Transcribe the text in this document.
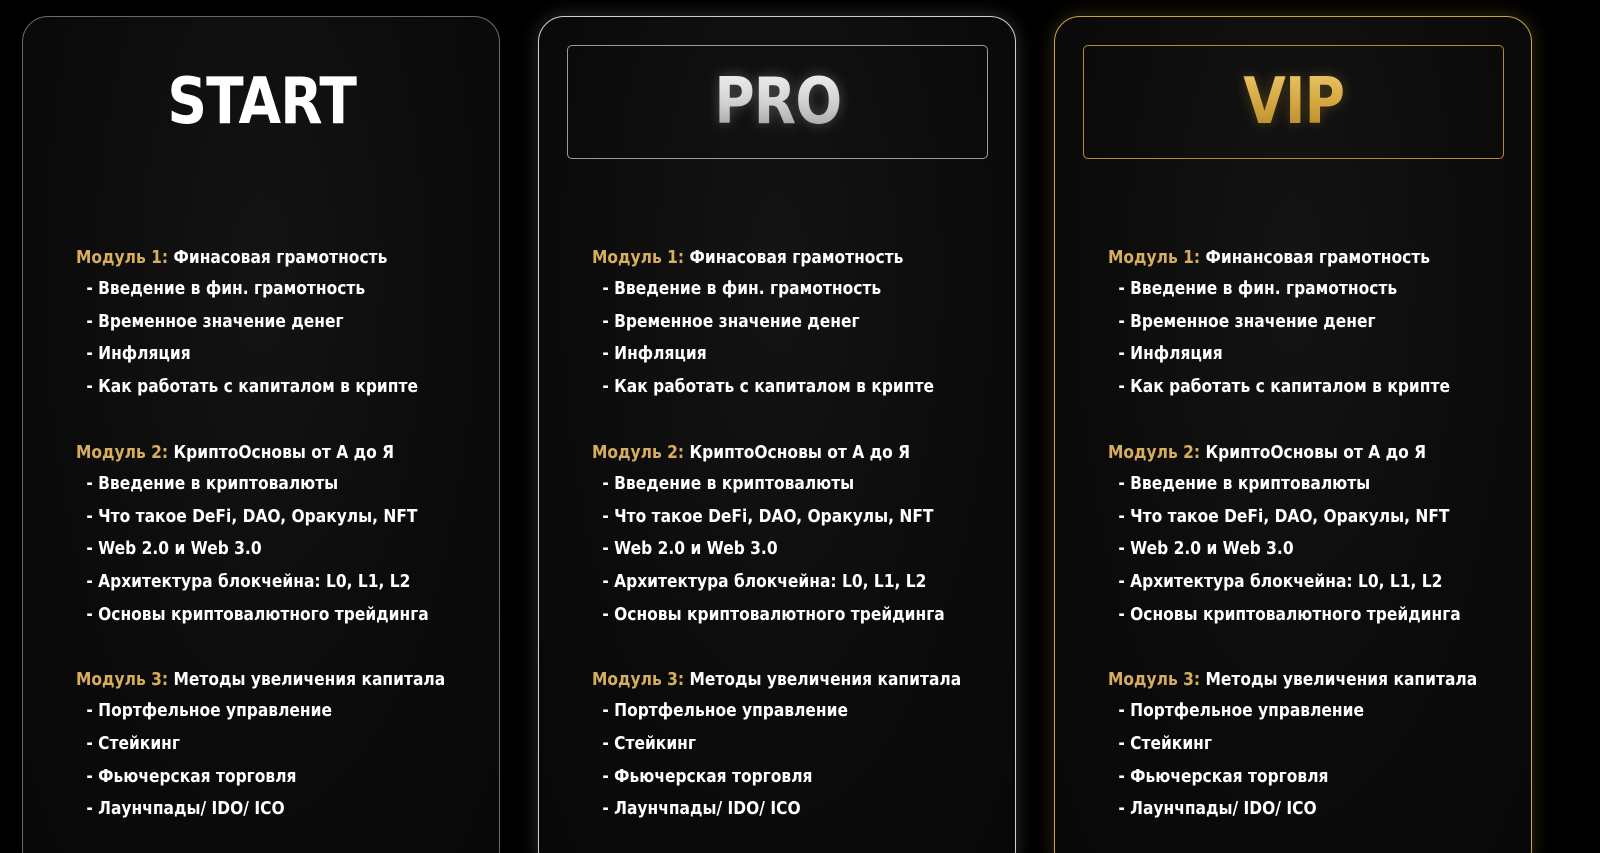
START
Модуль 1: Финасовая грамотность
- Введение в фин. грамотность
- Временное значение денег
- Инфляция
- Как работать с капиталом в крипте
Модуль 2: КриптоОсновы от А до Я
- Введение в криптовалюты
- Что такое DeFi, DAO, Оракулы, NFT
- Web 2.0 и Web 3.0
- Архитектура блокчейна: L0, L1, L2
- Основы криптовалютного трейдинга
Модуль 3: Методы увеличения капитала
- Портфельное управление
- Стейкинг
- Фьючерская торговля
- Лаунчпады/ IDO/ ICO
PRO
Модуль 1: Финасовая грамотность
- Введение в фин. грамотность
- Временное значение денег
- Инфляция
- Как работать с капиталом в крипте
Модуль 2: КриптоОсновы от А до Я
- Введение в криптовалюты
- Что такое DeFi, DAO, Оракулы, NFT
- Web 2.0 и Web 3.0
- Архитектура блокчейна: L0, L1, L2
- Основы криптовалютного трейдинга
Модуль 3: Методы увеличения капитала
- Портфельное управление
- Стейкинг
- Фьючерская торговля
- Лаунчпады/ IDO/ ICO
VIP
Модуль 1: Финансовая грамотность
- Введение в фин. грамотность
- Временное значение денег
- Инфляция
- Как работать с капиталом в крипте
Модуль 2: КриптоОсновы от А до Я
- Введение в криптовалюты
- Что такое DeFi, DAO, Оракулы, NFT
- Web 2.0 и Web 3.0
- Архитектура блокчейна: L0, L1, L2
- Основы криптовалютного трейдинга
Модуль 3: Методы увеличения капитала
- Портфельное управление
- Стейкинг
- Фьючерская торговля
- Лаунчпады/ IDO/ ICO
